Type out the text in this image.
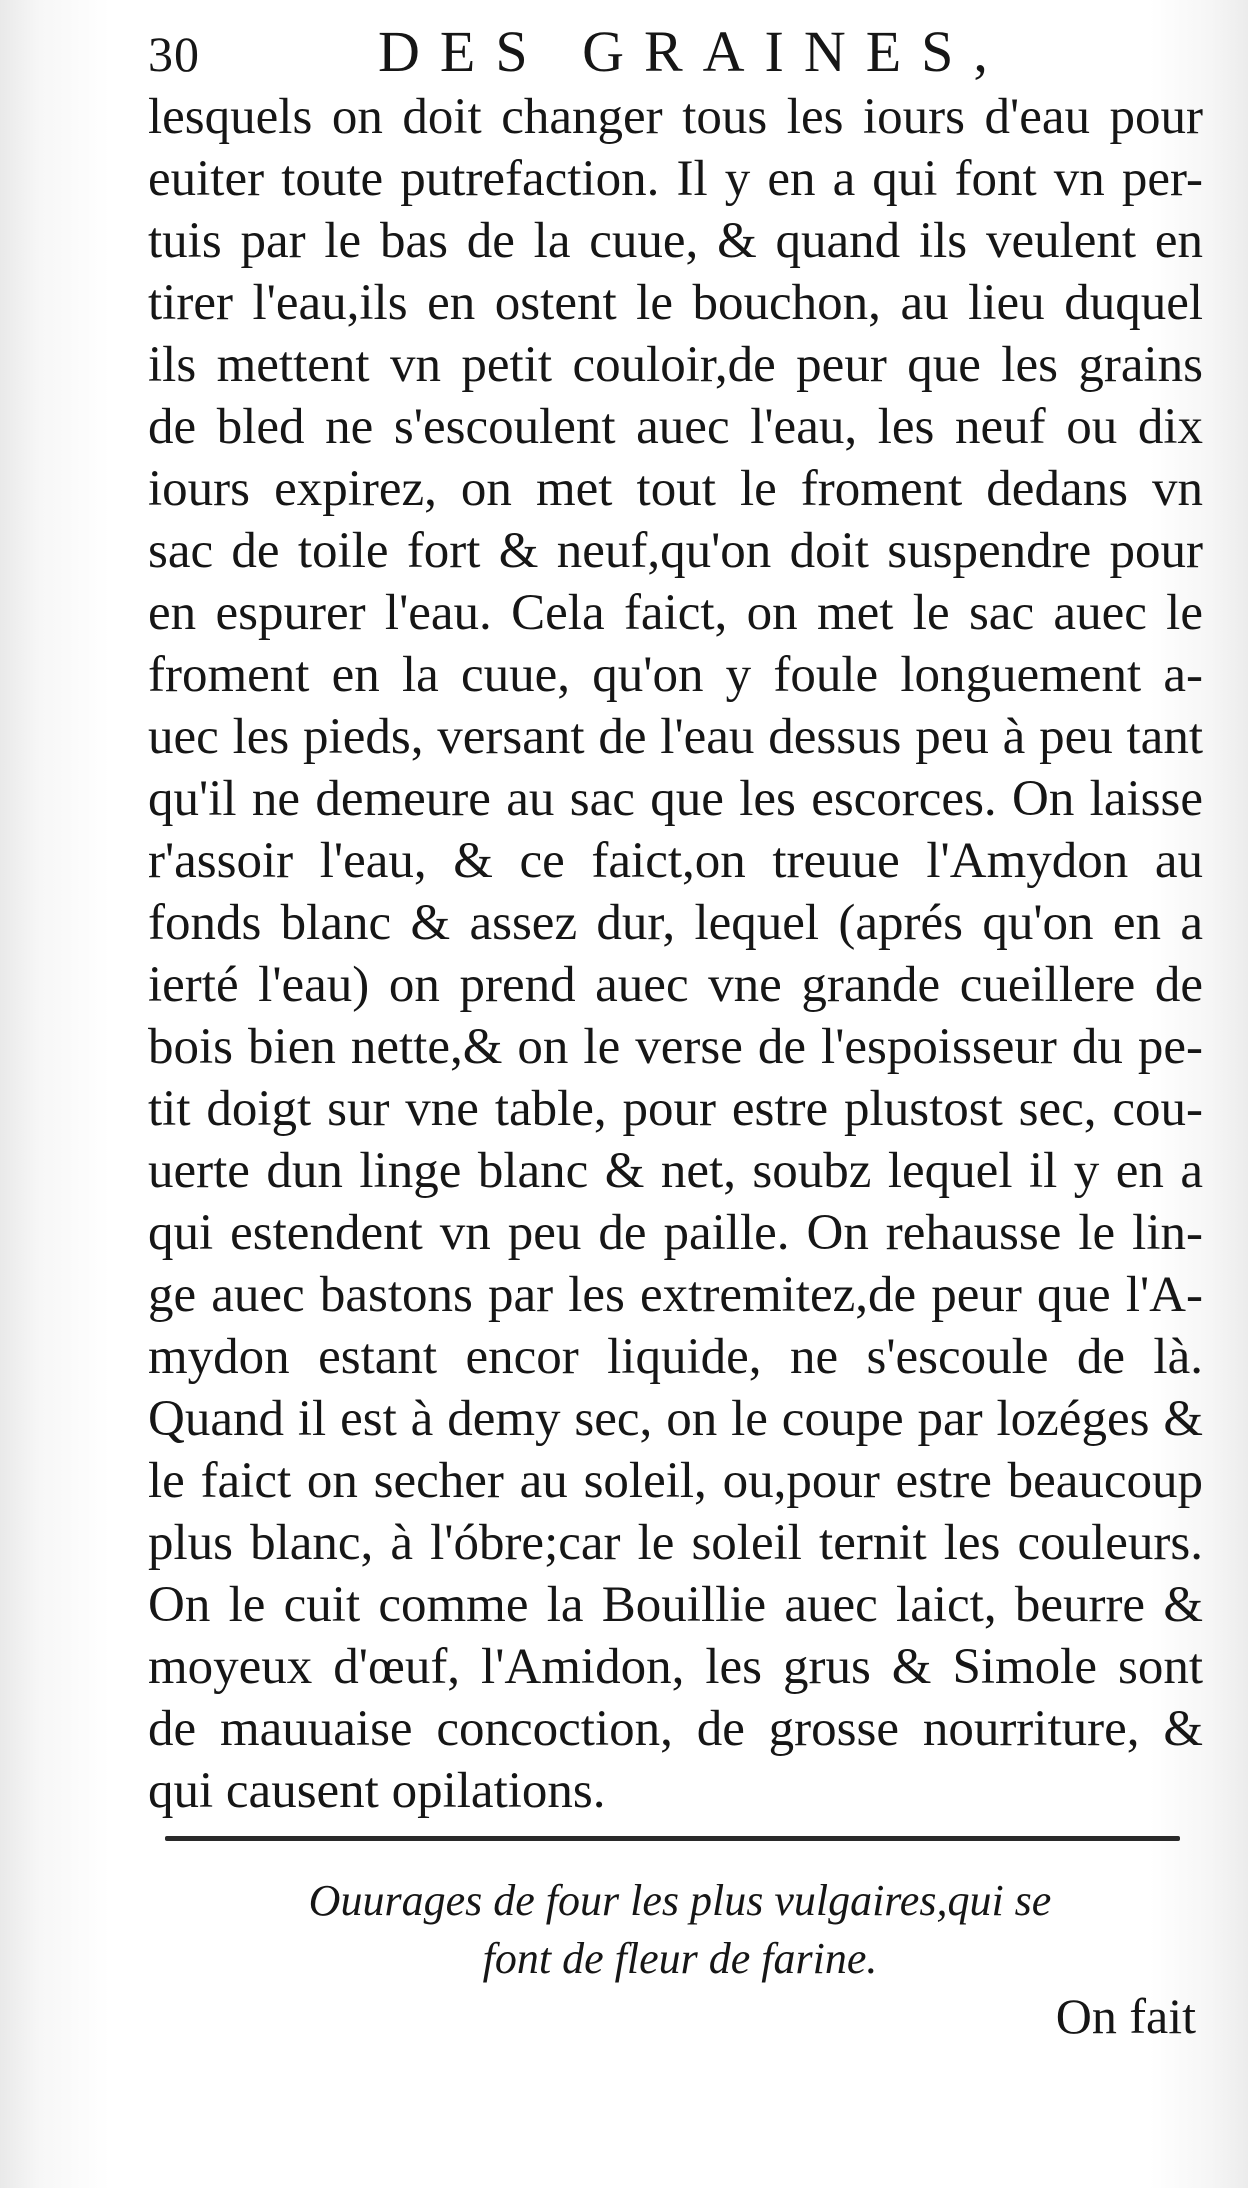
30	DES GRAINES,
lesquels on doit changer tous les iours d'eau pour
euiter toute putrefaction. Il y en a qui font vn per-
tuis par le bas de la cuue, & quand ils veulent en
tirer l'eau,ils en ostent le bouchon, au lieu duquel
ils mettent vn petit couloir,de peur que les grains
de bled ne s'escoulent auec l'eau, les neuf ou dix
iours expirez, on met tout le froment dedans vn
sac de toile fort & neuf,qu'on doit suspendre pour
en espurer l'eau. Cela faict, on met le sac auec le
froment en la cuue, qu'on y foule longuement a-
uec les pieds, versant de l'eau dessus peu à peu tant
qu'il ne demeure au sac que les escorces. On laisse
r'assoir l'eau, & ce faict,on treuue l'Amydon au
fonds blanc & assez dur, lequel (aprés qu'on en a
ierté l'eau) on prend auec vne grande cueillere de
bois bien nette,& on le verse de l'espoisseur du pe-
tit doigt sur vne table, pour estre plustost sec, cou-
uerte dun linge blanc & net, soubz lequel il y en a
qui estendent vn peu de paille. On rehausse le lin-
ge auec bastons par les extremitez,de peur que l'A-
mydon estant encor liquide, ne s'escoule de là.
Quand il est à demy sec, on le coupe par lozéges &
le faict on secher au soleil, ou,pour estre beaucoup
plus blanc, à l'óbre;car le soleil ternit les couleurs.
On le cuit comme la Bouillie auec laict, beurre &
moyeux d'œuf, l'Amidon, les grus & Simole sont
de mauuaise concoction, de grosse nourriture, &
qui causent opilations.
Ouurages de four les plus vulgaires,qui se
font de fleur de farine.
On fait
